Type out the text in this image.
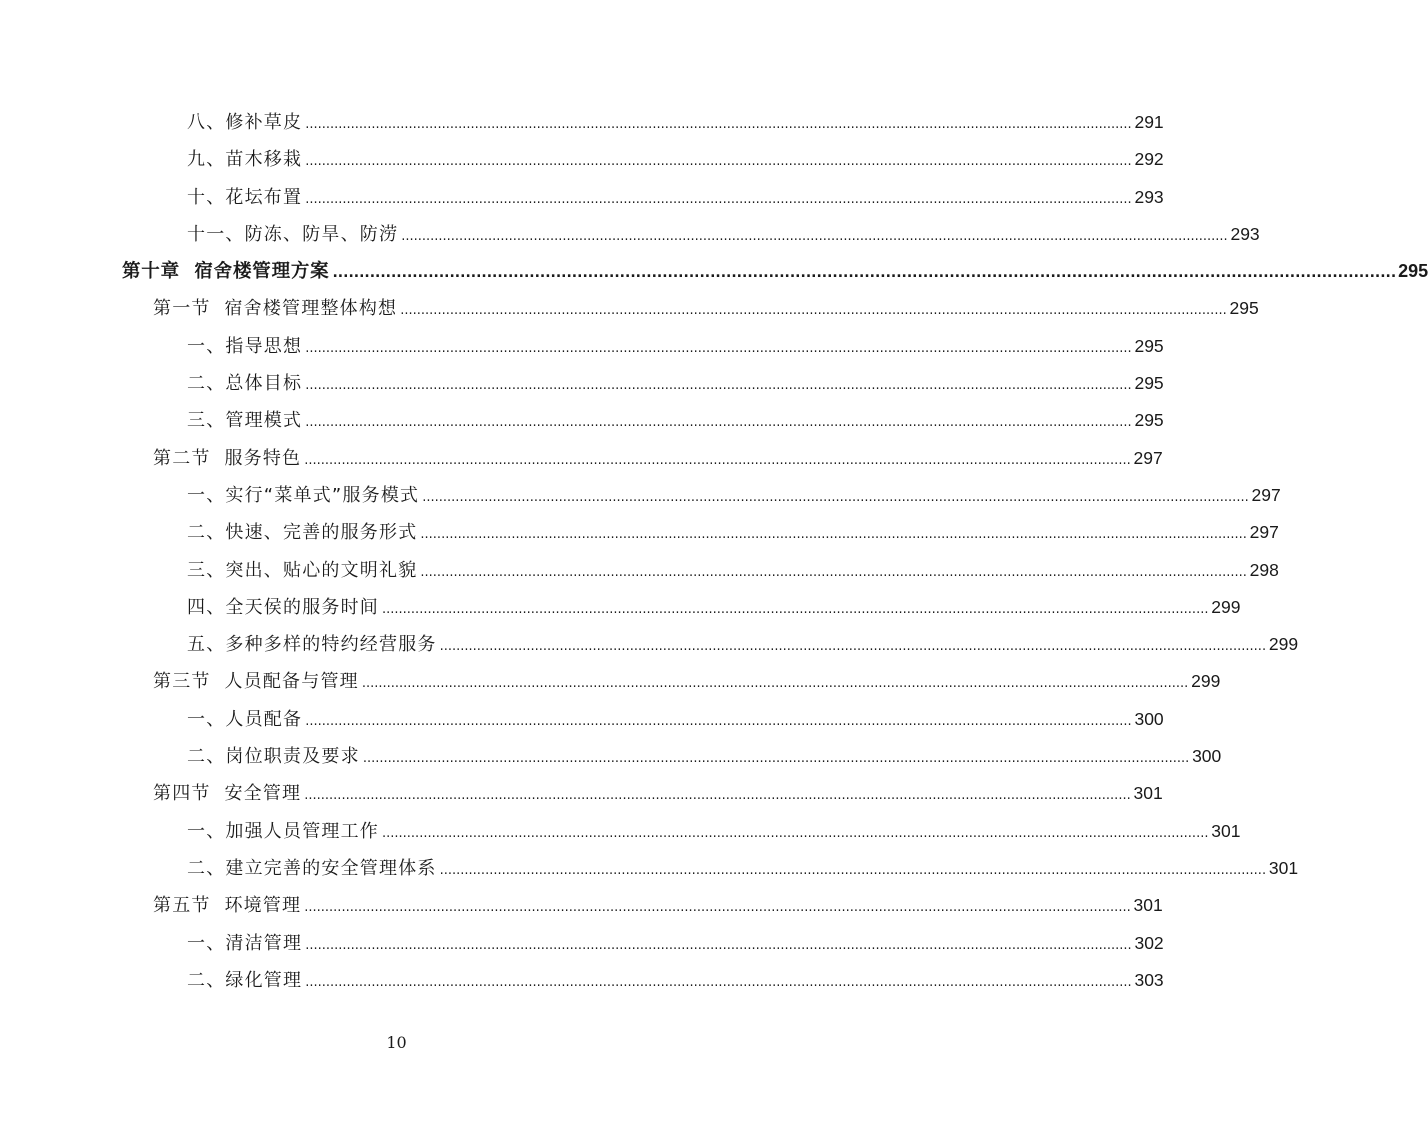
八、修补草皮 ........................................................................................................................................................................................................ 291
九、苗木移栽 ........................................................................................................................................................................................................ 292
十、花坛布置 ........................................................................................................................................................................................................ 293
十一、防冻、防旱、防涝 ........................................................................................................................................................................................................ 293
第十章  宿舍楼管理方案 ........................................................................................................................................................................................................ 295
第一节  宿舍楼管理整体构想 ........................................................................................................................................................................................................ 295
一、指导思想 ........................................................................................................................................................................................................ 295
二、总体目标 ........................................................................................................................................................................................................ 295
三、管理模式 ........................................................................................................................................................................................................ 295
第二节  服务特色 ........................................................................................................................................................................................................ 297
一、实行“菜单式”服务模式 ........................................................................................................................................................................................................ 297
二、快速、完善的服务形式 ........................................................................................................................................................................................................ 297
三、突出、贴心的文明礼貌 ........................................................................................................................................................................................................ 298
四、全天侯的服务时间 ........................................................................................................................................................................................................ 299
五、多种多样的特约经营服务 ........................................................................................................................................................................................................ 299
第三节  人员配备与管理 ........................................................................................................................................................................................................ 299
一、人员配备 ........................................................................................................................................................................................................ 300
二、岗位职责及要求 ........................................................................................................................................................................................................ 300
第四节  安全管理 ........................................................................................................................................................................................................ 301
一、加强人员管理工作 ........................................................................................................................................................................................................ 301
二、建立完善的安全管理体系 ........................................................................................................................................................................................................ 301
第五节  环境管理 ........................................................................................................................................................................................................ 301
一、清洁管理 ........................................................................................................................................................................................................ 302
二、绿化管理 ........................................................................................................................................................................................................ 303
10
